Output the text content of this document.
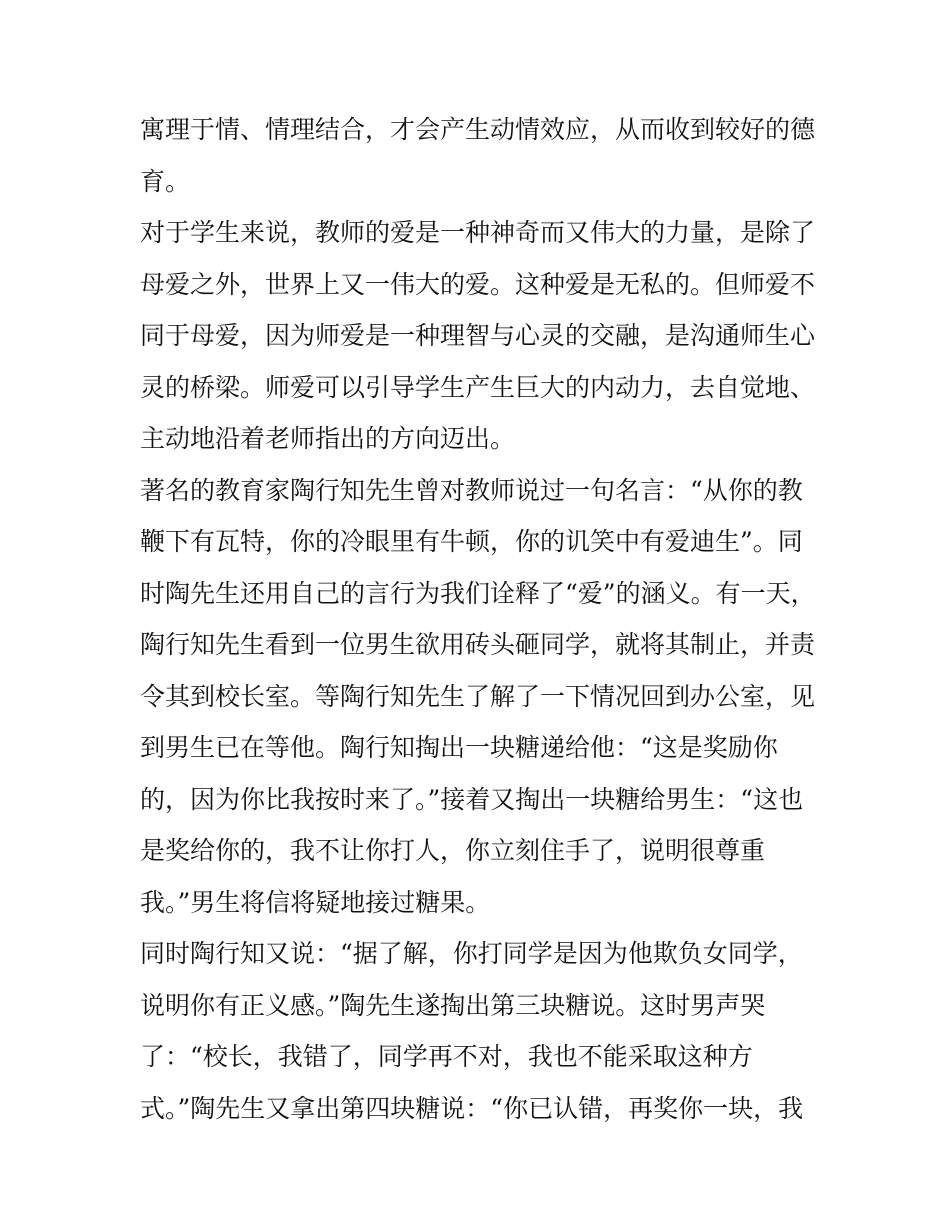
寓理于情、情理结合，才会产生动情效应，从而收到较好的德
育。
对于学生来说，教师的爱是一种神奇而又伟大的力量，是除了
母爱之外，世界上又一伟大的爱。这种爱是无私的。但师爱不
同于母爱，因为师爱是一种理智与心灵的交融，是沟通师生心
灵的桥梁。师爱可以引导学生产生巨大的内动力，去自觉地、
主动地沿着老师指出的方向迈出。
著名的教育家陶行知先生曾对教师说过一句名言：“从你的教
鞭下有瓦特，你的冷眼里有牛顿，你的讥笑中有爱迪生”。同
时陶先生还用自己的言行为我们诠释了“爱”的涵义。有一天，
陶行知先生看到一位男生欲用砖头砸同学，就将其制止，并责
令其到校长室。等陶行知先生了解了一下情况回到办公室，见
到男生已在等他。陶行知掏出一块糖递给他：“这是奖励你
的，因为你比我按时来了。”接着又掏出一块糖给男生：“这也
是奖给你的，我不让你打人，你立刻住手了，说明很尊重
我。”男生将信将疑地接过糖果。
同时陶行知又说：“据了解，你打同学是因为他欺负女同学，
说明你有正义感。”陶先生遂掏出第三块糖说。这时男声哭
了：“校长，我错了，同学再不对，我也不能采取这种方
式。”陶先生又拿出第四块糖说：“你已认错，再奖你一块，我
